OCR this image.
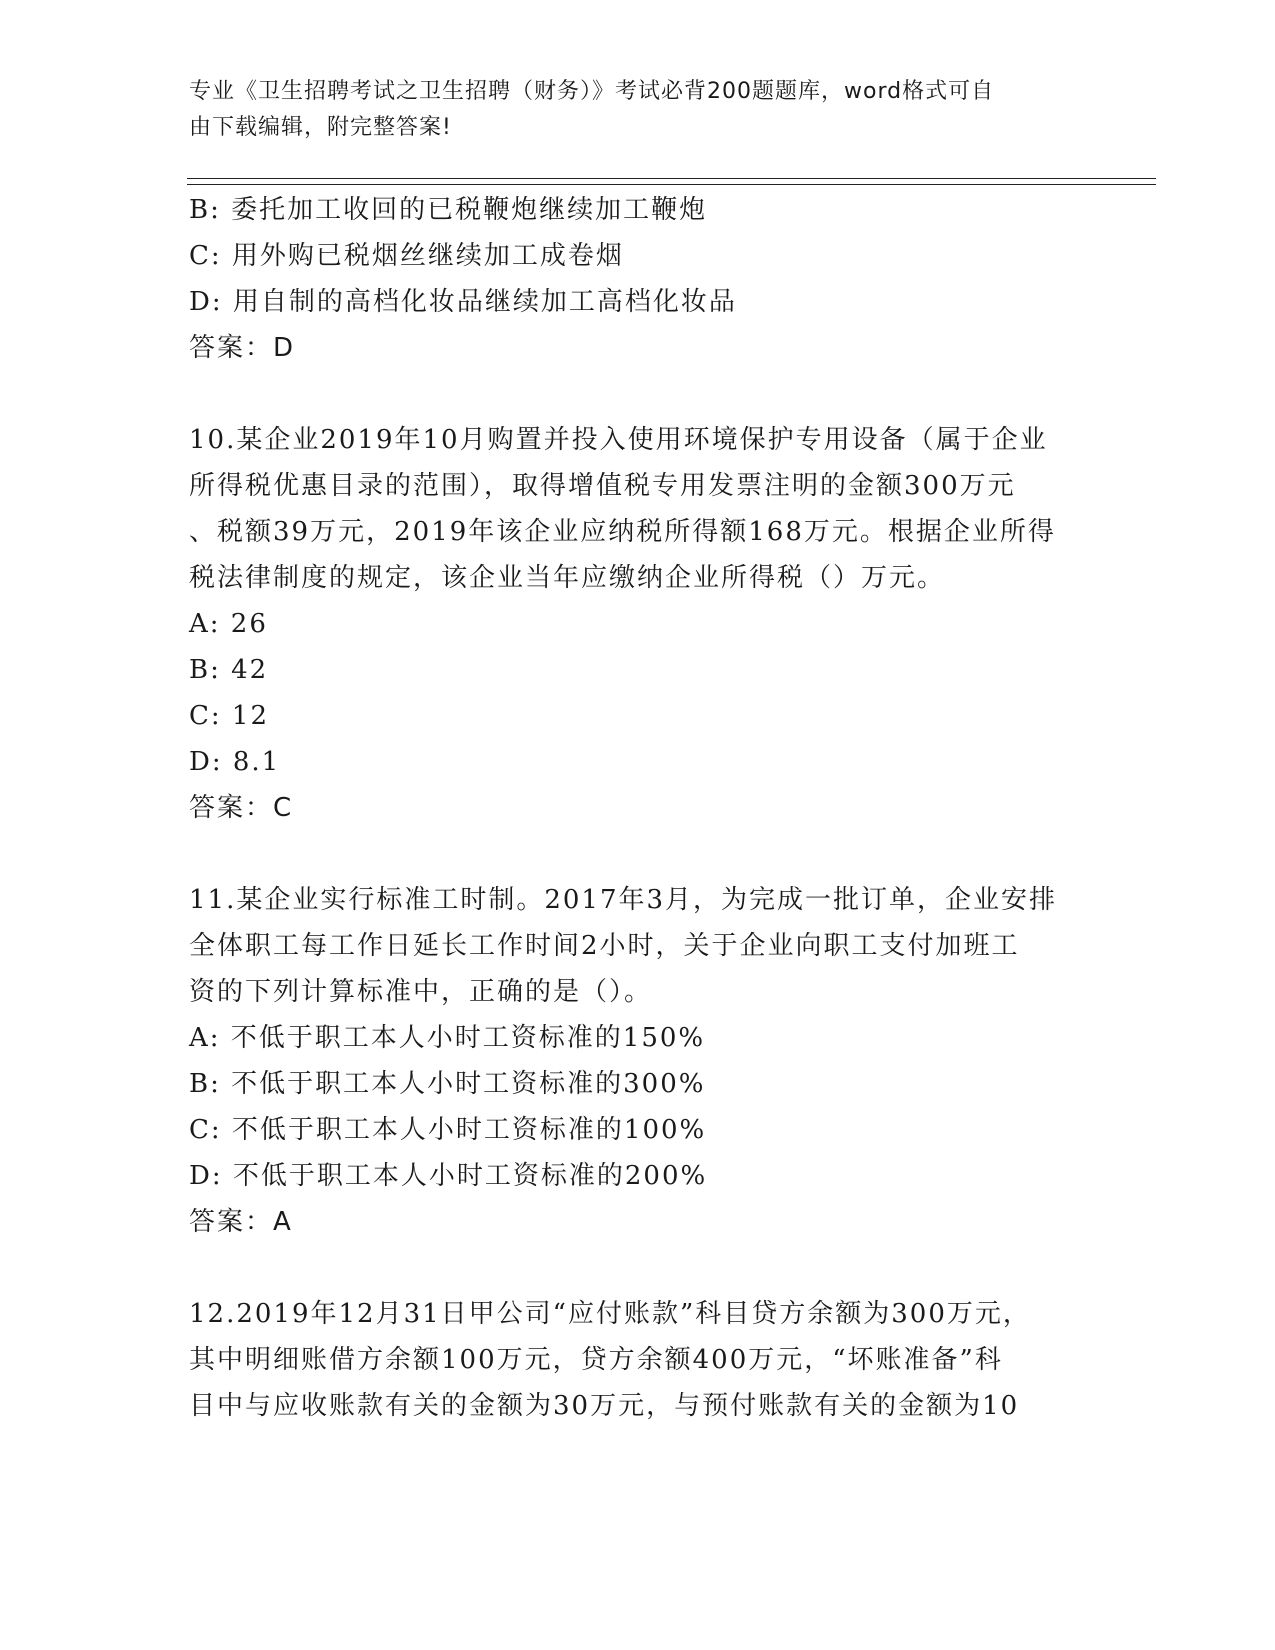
专业《卫生招聘考试之卫生招聘（财务）》考试必背200题题库，word格式可自
由下载编辑，附完整答案!
B: 委托加工收回的已税鞭炮继续加工鞭炮
C: 用外购已税烟丝继续加工成卷烟
D: 用自制的高档化妆品继续加工高档化妆品
答案：D
10.某企业2019年10月购置并投入使用环境保护专用设备（属于企业
所得税优惠目录的范围），取得增值税专用发票注明的金额300万元
、税额39万元，2019年该企业应纳税所得额168万元。根据企业所得
税法律制度的规定，该企业当年应缴纳企业所得税（）万元。
A: 26
B: 42
C: 12
D: 8.1
答案：C
11.某企业实行标准工时制。2017年3月，为完成一批订单，企业安排
全体职工每工作日延长工作时间2小时，关于企业向职工支付加班工
资的下列计算标准中，正确的是（）。
A: 不低于职工本人小时工资标准的150%
B: 不低于职工本人小时工资标准的300%
C: 不低于职工本人小时工资标准的100%
D: 不低于职工本人小时工资标准的200%
答案：A
12.2019年12月31日甲公司“应付账款”科目贷方余额为300万元，
其中明细账借方余额100万元，贷方余额400万元，“坏账准备”科
目中与应收账款有关的金额为30万元，与预付账款有关的金额为10
